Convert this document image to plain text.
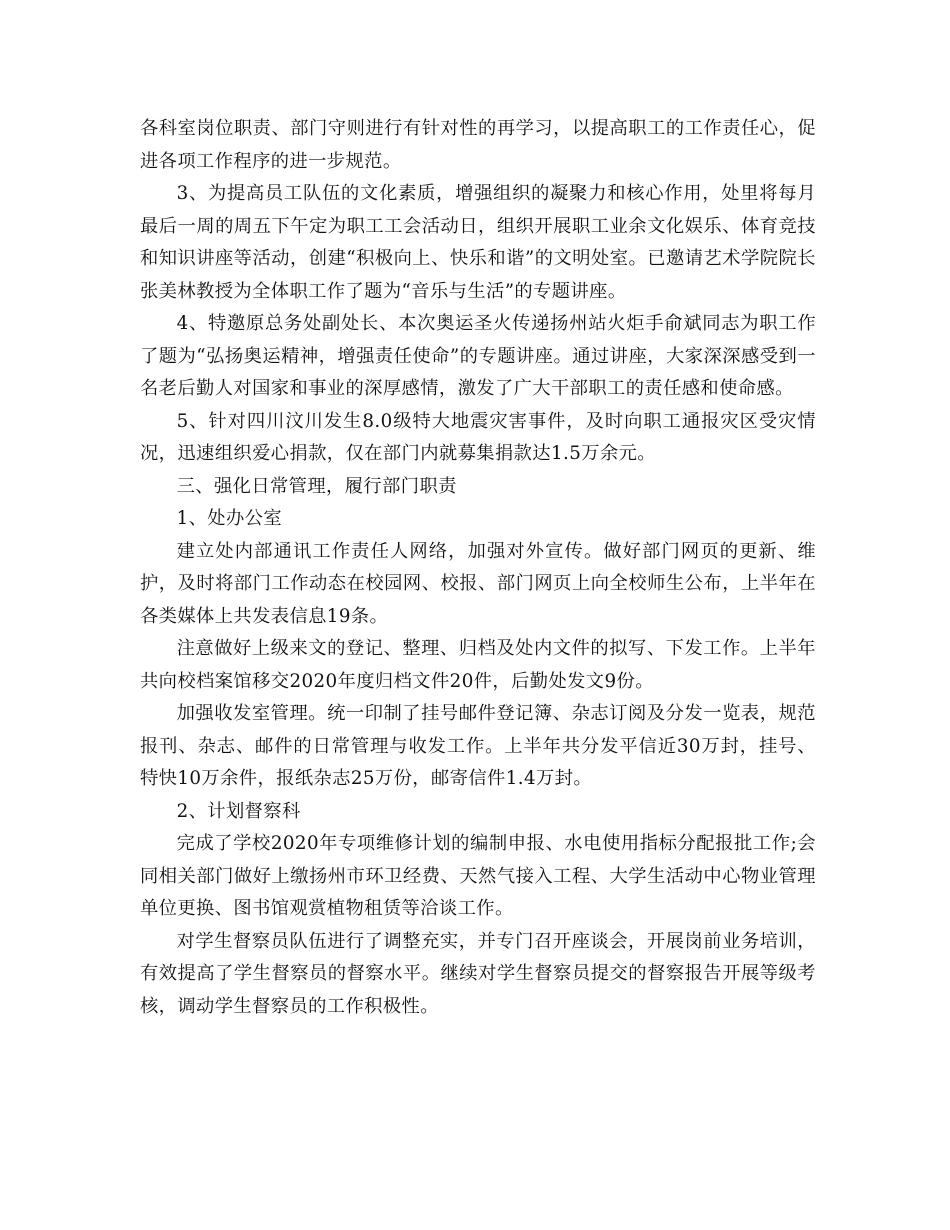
各科室岗位职责、部门守则进行有针对性的再学习，以提高职工的工作责任心，促进各项工作程序的进一步规范。

3、为提高员工队伍的文化素质，增强组织的凝聚力和核心作用，处里将每月最后一周的周五下午定为职工工会活动日，组织开展职工业余文化娱乐、体育竞技和知识讲座等活动，创建“积极向上、快乐和谐”的文明处室。已邀请艺术学院院长张美林教授为全体职工作了题为“音乐与生活”的专题讲座。

4、特邀原总务处副处长、本次奥运圣火传递扬州站火炬手俞斌同志为职工作了题为“弘扬奥运精神，增强责任使命”的专题讲座。通过讲座，大家深深感受到一名老后勤人对国家和事业的深厚感情，激发了广大干部职工的责任感和使命感。

5、针对四川汶川发生8.0级特大地震灾害事件，及时向职工通报灾区受灾情况，迅速组织爱心捐款，仅在部门内就募集捐款达1.5万余元。

三、强化日常管理，履行部门职责

1、处办公室

建立处内部通讯工作责任人网络，加强对外宣传。做好部门网页的更新、维护，及时将部门工作动态在校园网、校报、部门网页上向全校师生公布，上半年在各类媒体上共发表信息19条。

注意做好上级来文的登记、整理、归档及处内文件的拟写、下发工作。上半年共向校档案馆移交2020年度归档文件20件，后勤处发文9份。

加强收发室管理。统一印制了挂号邮件登记簿、杂志订阅及分发一览表，规范报刊、杂志、邮件的日常管理与收发工作。上半年共分发平信近30万封，挂号、特快10万余件，报纸杂志25万份，邮寄信件1.4万封。

2、计划督察科

完成了学校2020年专项维修计划的编制申报、水电使用指标分配报批工作;会同相关部门做好上缴扬州市环卫经费、天然气接入工程、大学生活动中心物业管理单位更换、图书馆观赏植物租赁等洽谈工作。

对学生督察员队伍进行了调整充实，并专门召开座谈会，开展岗前业务培训，有效提高了学生督察员的督察水平。继续对学生督察员提交的督察报告开展等级考核，调动学生督察员的工作积极性。
